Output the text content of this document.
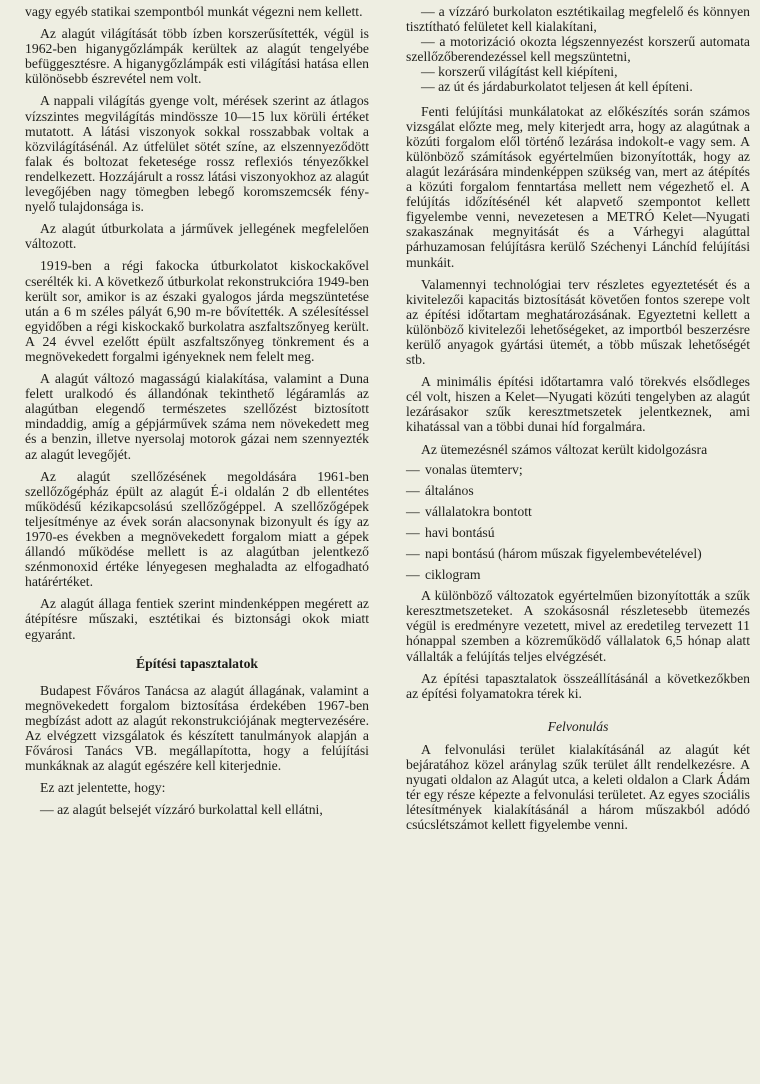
vagy egyéb statikai szempontból munkát végezni nem kellett.

Az alagút világítását több ízben korszerűsítették, végül is 1962-ben higanygőzlámpák kerültek az alagút tengelyébe befüggesztésre. A higanygőzlámpák esti világítási hatása ellen különösebb észrevétel nem volt.

A nappali világítás gyenge volt, mérések szerint az átlagos vízszintes megvilágítás mindössze 10—15 lux körüli értéket mutatott. A látási viszonyok sokkal rosszabbak voltak a közvilágításénál. Az útfelület sötét színe, az elszennyeződött falak és boltozat feketesége rossz reflexiós tényezőkkel rendelkezett. Hozzájárult a rossz látási viszonyokhoz az alagút levegőjében nagy tömegben lebegő koromszemcsék fény-nyelő tulajdonsága is.

Az alagút útburkolata a járművek jellegének megfelelően változott.

1919-ben a régi fakocka útburkolatot kiskockakővel cserélték ki. A következő útburkolat rekonstrukcióra 1949-ben került sor, amikor is az északi gyalogos járda megszüntetése után a 6 m széles pályát 6,90 m-re bővítették. A szélesítéssel egyidőben a régi kiskockakő burkolatra aszfaltszőnyeg került. A 24 évvel ezelőtt épült aszfaltszőnyeg tönkrement és a megnövekedett forgalmi igényeknek nem felelt meg.

A alagút változó magasságú kialakítása, valamint a Duna felett uralkodó és állandónak tekinthető légáramlás az alagútban elegendő természetes szellőzést biztosított mindaddig, amíg a gépjárművek száma nem növekedett meg és a benzin, illetve nyersolaj motorok gázai nem szennyezték az alagút levegőjét.

Az alagút szellőzésének megoldására 1961-ben szellőzőgépház épült az alagút É-i oldalán 2 db ellentétes működésű kézikapcsolású szellőzőgéppel. A szellőzőgépek teljesítménye az évek során alacsonynak bizonyult és így az 1970-es években a megnövekedett forgalom miatt a gépek állandó működése mellett is az alagútban jelentkező szénmonoxid értéke lényegesen meghaladta az elfogadható határértéket.

Az alagút állaga fentiek szerint mindenképpen megérett az átépítésre műszaki, esztétikai és biztonsági okok miatt egyaránt.

Építési tapasztalatok

Budapest Főváros Tanácsa az alagút állagának, valamint a megnövekedett forgalom biztosítása érdekében 1967-ben megbízást adott az alagút rekonstrukciójának megtervezésére. Az elvégzett vizsgálatok és készített tanulmányok alapján a Fővárosi Tanács VB. megállapította, hogy a felújítási munkáknak az alagút egészére kell kiterjednie.

Ez azt jelentette, hogy:

— az alagút belsejét vízzáró burkolattal kell ellátni,

— a vízzáró burkolaton esztétikailag megfelelő és könnyen tisztítható felületet kell kialakítani,

— a motorizáció okozta légszennyezést korszerű automata szellőzőberendezéssel kell megszüntetni,

— korszerű világítást kell kiépíteni,

— az út és járdaburkolatot teljesen át kell építeni.

Fenti felújítási munkálatokat az előkészítés során számos vizsgálat előzte meg, mely kiterjedt arra, hogy az alagútnak a közúti forgalom elől történő lezárása indokolt-e vagy sem. A különböző számítások egyértelműen bizonyították, hogy az alagút lezárására mindenképpen szükség van, mert az átépítés a közúti forgalom fenntartása mellett nem végezhető el. A felújítás időzítésénél két alapvető szempontot kellett figyelembe venni, nevezetesen a METRÓ Kelet—Nyugati szakaszának megnyitását és a Várhegyi alagúttal párhuzamosan felújításra kerülő Széchenyi Lánchíd felújítási munkáit.

Valamennyi technológiai terv részletes egyeztetését és a kivitelezői kapacitás biztosítását követően fontos szerepe volt az építési időtartam meghatározásának. Egyeztetni kellett a különböző kivitelezői lehetőségeket, az importból beszerzésre kerülő anyagok gyártási ütemét, a több műszak lehetőségét stb.

A minimális építési időtartamra való törekvés elsődleges cél volt, hiszen a Kelet—Nyugati közúti tengelyben az alagút lezárásakor szűk keresztmetszetek jelentkeznek, ami kihatással van a többi dunai híd forgalmára.

Az ütemezésnél számos változat került kidolgozásra

— vonalas ütemterv;
— általános
— vállalatokra bontott
— havi bontású
— napi bontású (három műszak figyelembevételével)
— ciklogram

A különböző változatok egyértelműen bizonyították a szűk keresztmetszeteket. A szokásosnál részletesebb ütemezés végül is eredményre vezetett, mivel az eredetileg tervezett 11 hónappal szemben a közreműködő vállalatok 6,5 hónap alatt vállalták a felújítás teljes elvégzését.

Az építési tapasztalatok összeállításánál a következőkben az építési folyamatokra térek ki.

Felvonulás

A felvonulási terület kialakításánál az alagút két bejáratához közel aránylag szűk terület állt rendelkezésre. A nyugati oldalon az Alagút utca, a keleti oldalon a Clark Ádám tér egy része képezte a felvonulási területet. Az egyes szociális létesítmények kialakításánál a három műszakból adódó csúcslétszámot kellett figyelembe venni.
